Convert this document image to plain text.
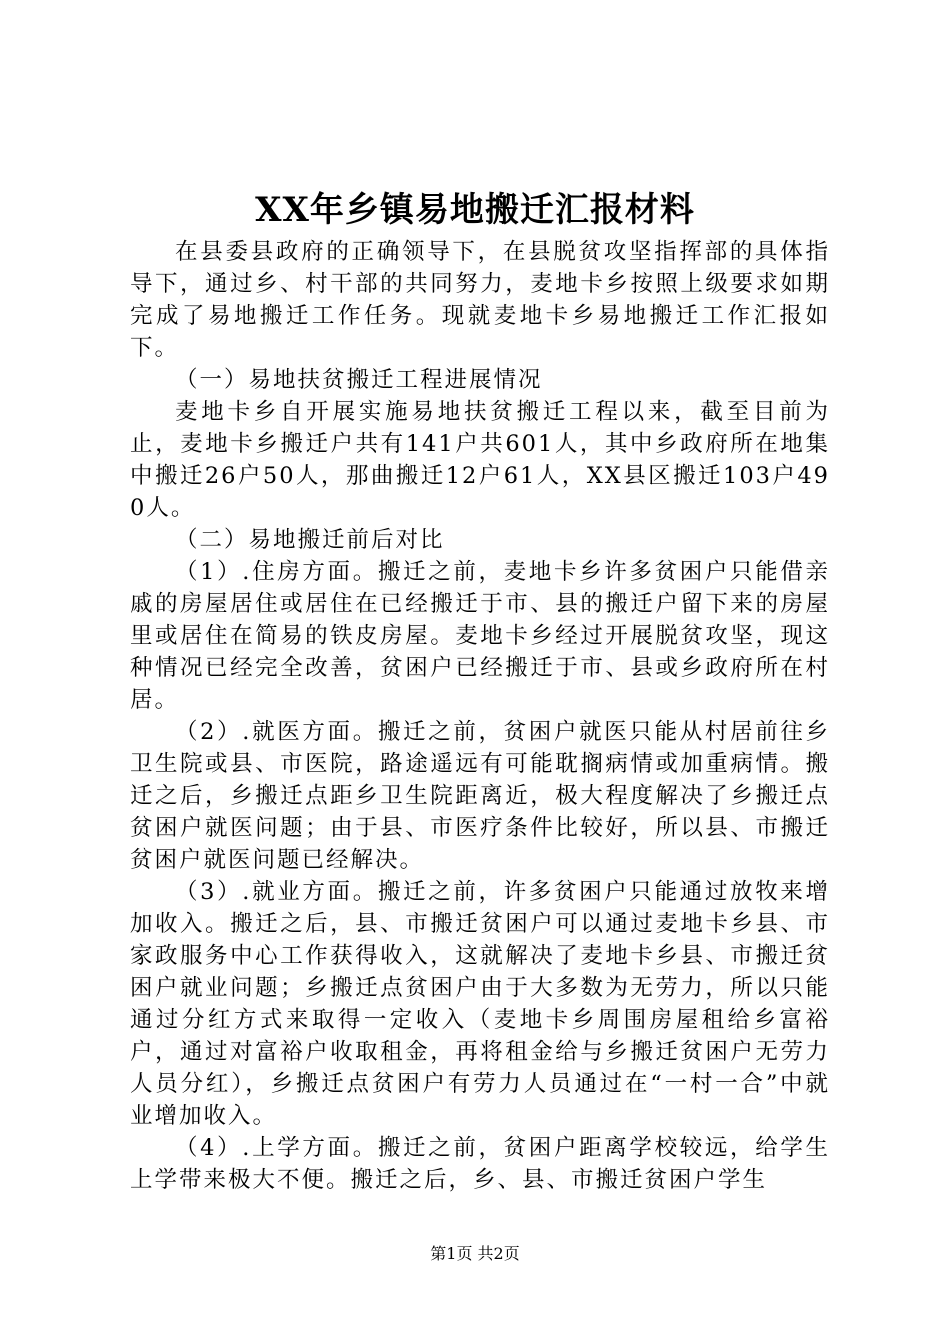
XX年乡镇易地搬迁汇报材料

在县委县政府的正确领导下，在县脱贫攻坚指挥部的具体指导下，通过乡、村干部的共同努力，麦地卡乡按照上级要求如期完成了易地搬迁工作任务。现就麦地卡乡易地搬迁工作汇报如下。

（一）易地扶贫搬迁工程进展情况

麦地卡乡自开展实施易地扶贫搬迁工程以来，截至目前为止，麦地卡乡搬迁户共有141户共601人，其中乡政府所在地集中搬迁26户50人，那曲搬迁12户61人，XX县区搬迁103户490人。

（二）易地搬迁前后对比

（1）.住房方面。搬迁之前，麦地卡乡许多贫困户只能借亲戚的房屋居住或居住在已经搬迁于市、县的搬迁户留下来的房屋里或居住在简易的铁皮房屋。麦地卡乡经过开展脱贫攻坚，现这种情况已经完全改善，贫困户已经搬迁于市、县或乡政府所在村居。

（2）.就医方面。搬迁之前，贫困户就医只能从村居前往乡卫生院或县、市医院，路途遥远有可能耽搁病情或加重病情。搬迁之后，乡搬迁点距乡卫生院距离近，极大程度解决了乡搬迁点贫困户就医问题；由于县、市医疗条件比较好，所以县、市搬迁贫困户就医问题已经解决。

（3）.就业方面。搬迁之前，许多贫困户只能通过放牧来增加收入。搬迁之后，县、市搬迁贫困户可以通过麦地卡乡县、市家政服务中心工作获得收入，这就解决了麦地卡乡县、市搬迁贫困户就业问题；乡搬迁点贫困户由于大多数为无劳力，所以只能通过分红方式来取得一定收入（麦地卡乡周围房屋租给乡富裕户，通过对富裕户收取租金，再将租金给与乡搬迁贫困户无劳力人员分红），乡搬迁点贫困户有劳力人员通过在“一村一合”中就业增加收入。

（4）.上学方面。搬迁之前，贫困户距离学校较远，给学生上学带来极大不便。搬迁之后，乡、县、市搬迁贫困户学生

第1页 共2页
